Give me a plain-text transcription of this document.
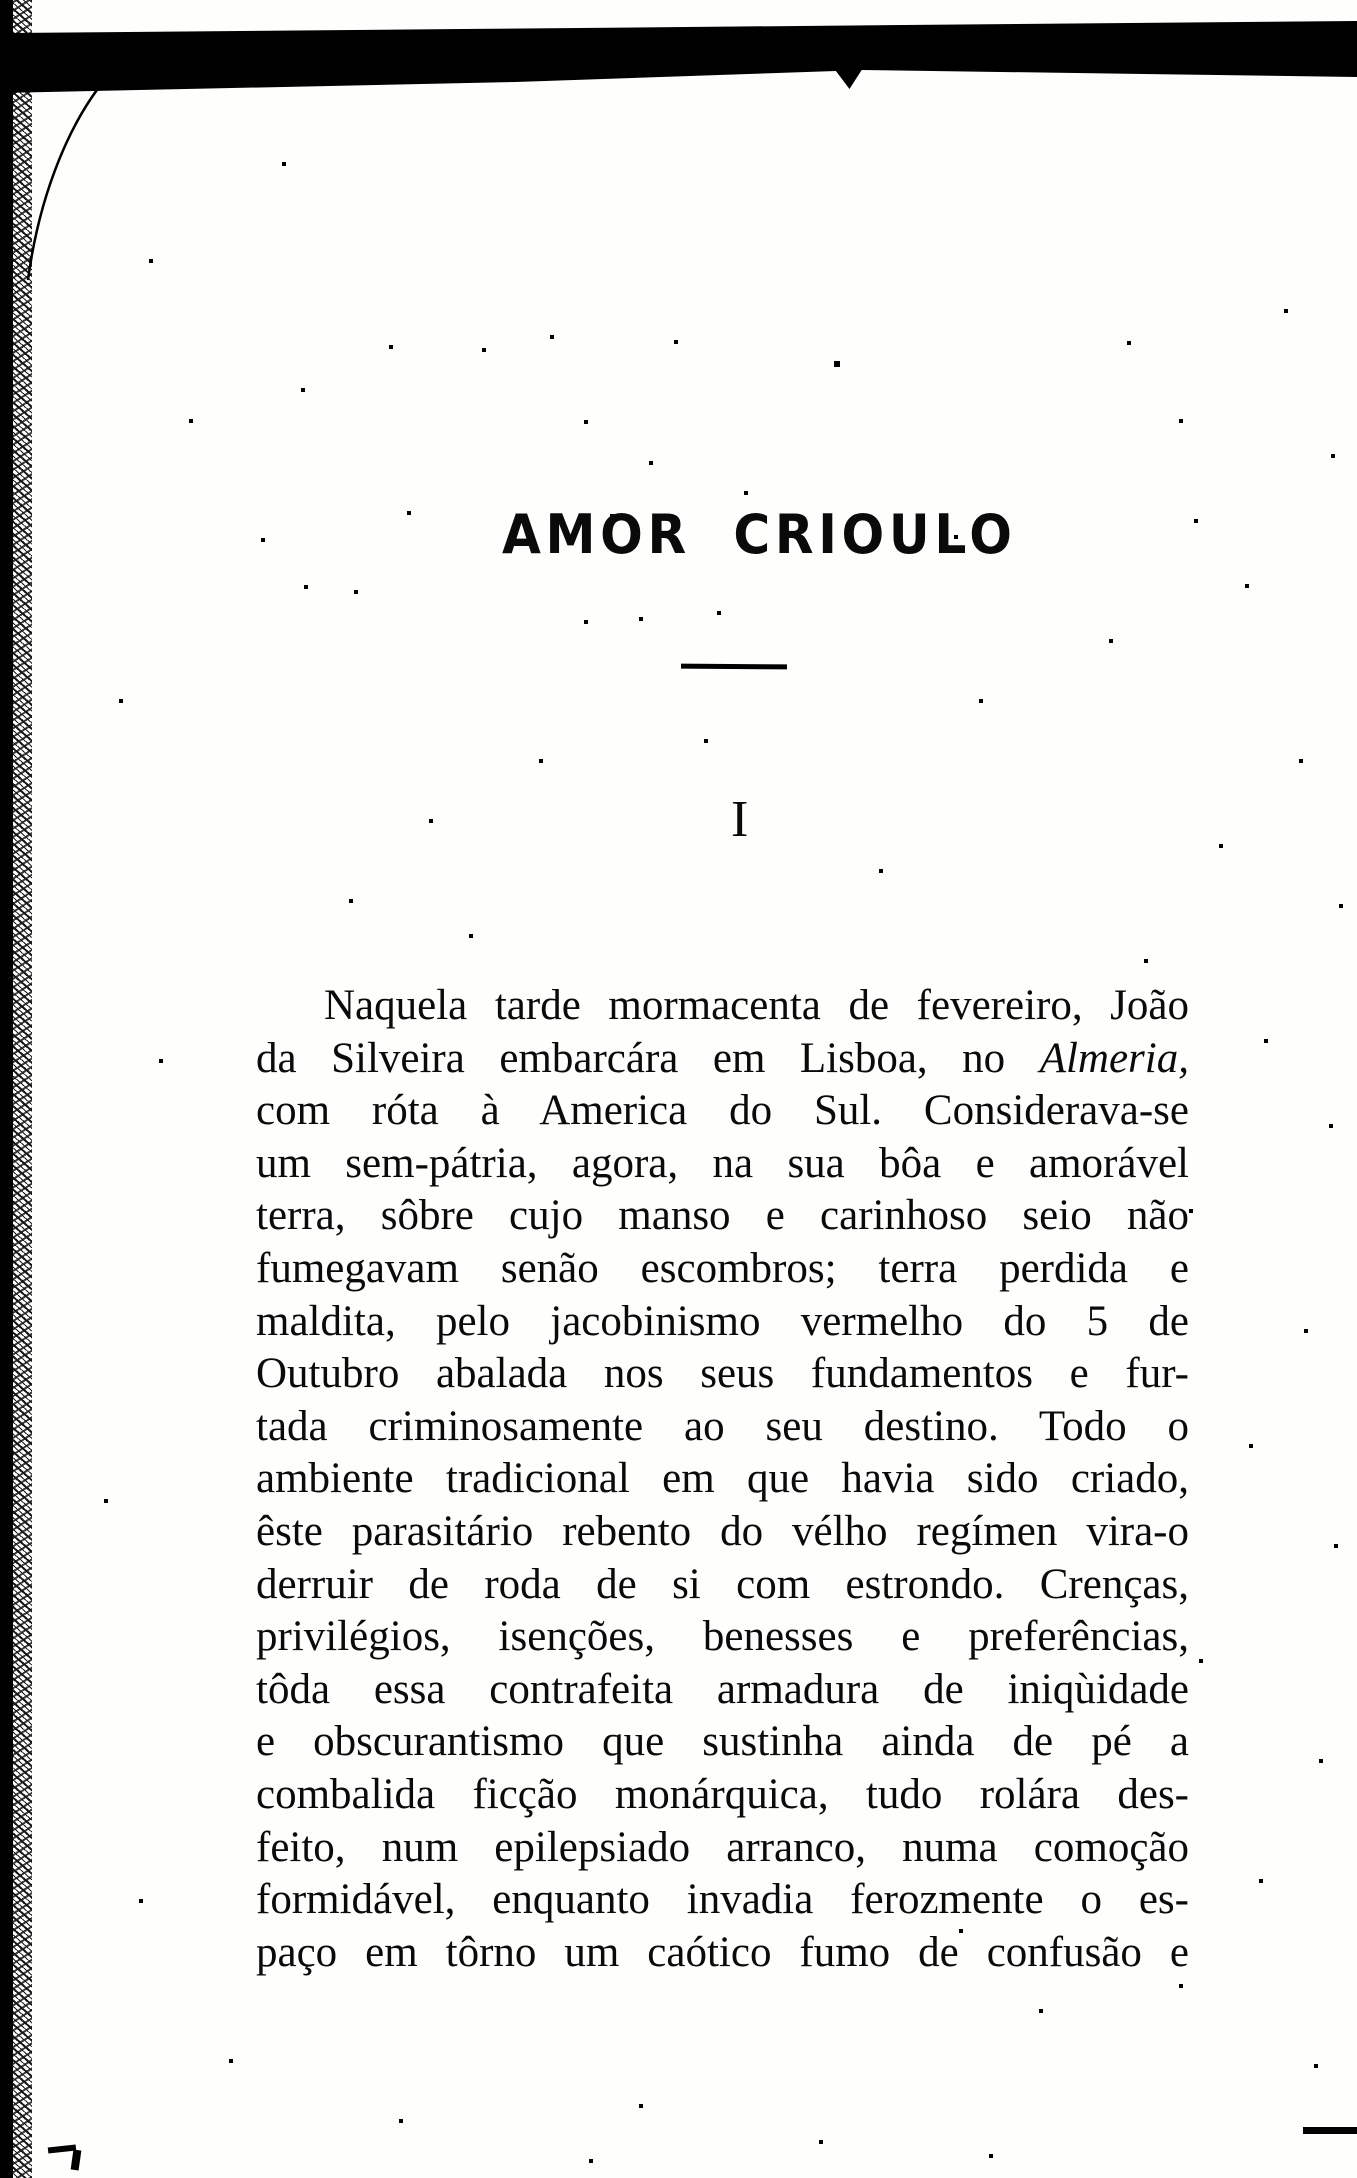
AMOR CRIOULO
I
Naquela tarde mormacenta de fevereiro, João
da Silveira embarcára em Lisboa, no Almeria,
com róta à America do Sul. Considerava-se
um sem-pátria, agora, na sua bôa e amorável
terra, sôbre cujo manso e carinhoso seio não
fumegavam senão escombros; terra perdida e
maldita, pelo jacobinismo vermelho do 5 de
Outubro abalada nos seus fundamentos e fur-
tada criminosamente ao seu destino. Todo o
ambiente tradicional em que havia sido criado,
êste parasitário rebento do vélho regímen vira-o
derruir de roda de si com estrondo. Crenças,
privilégios, isenções, benesses e preferências,
tôda essa contrafeita armadura de iniqùidade
e obscurantismo que sustinha ainda de pé a
combalida ficção monárquica, tudo rolára des-
feito, num epilepsiado arranco, numa comoção
formidável, enquanto invadia ferozmente o es-
paço em tôrno um caótico fumo de confusão e
